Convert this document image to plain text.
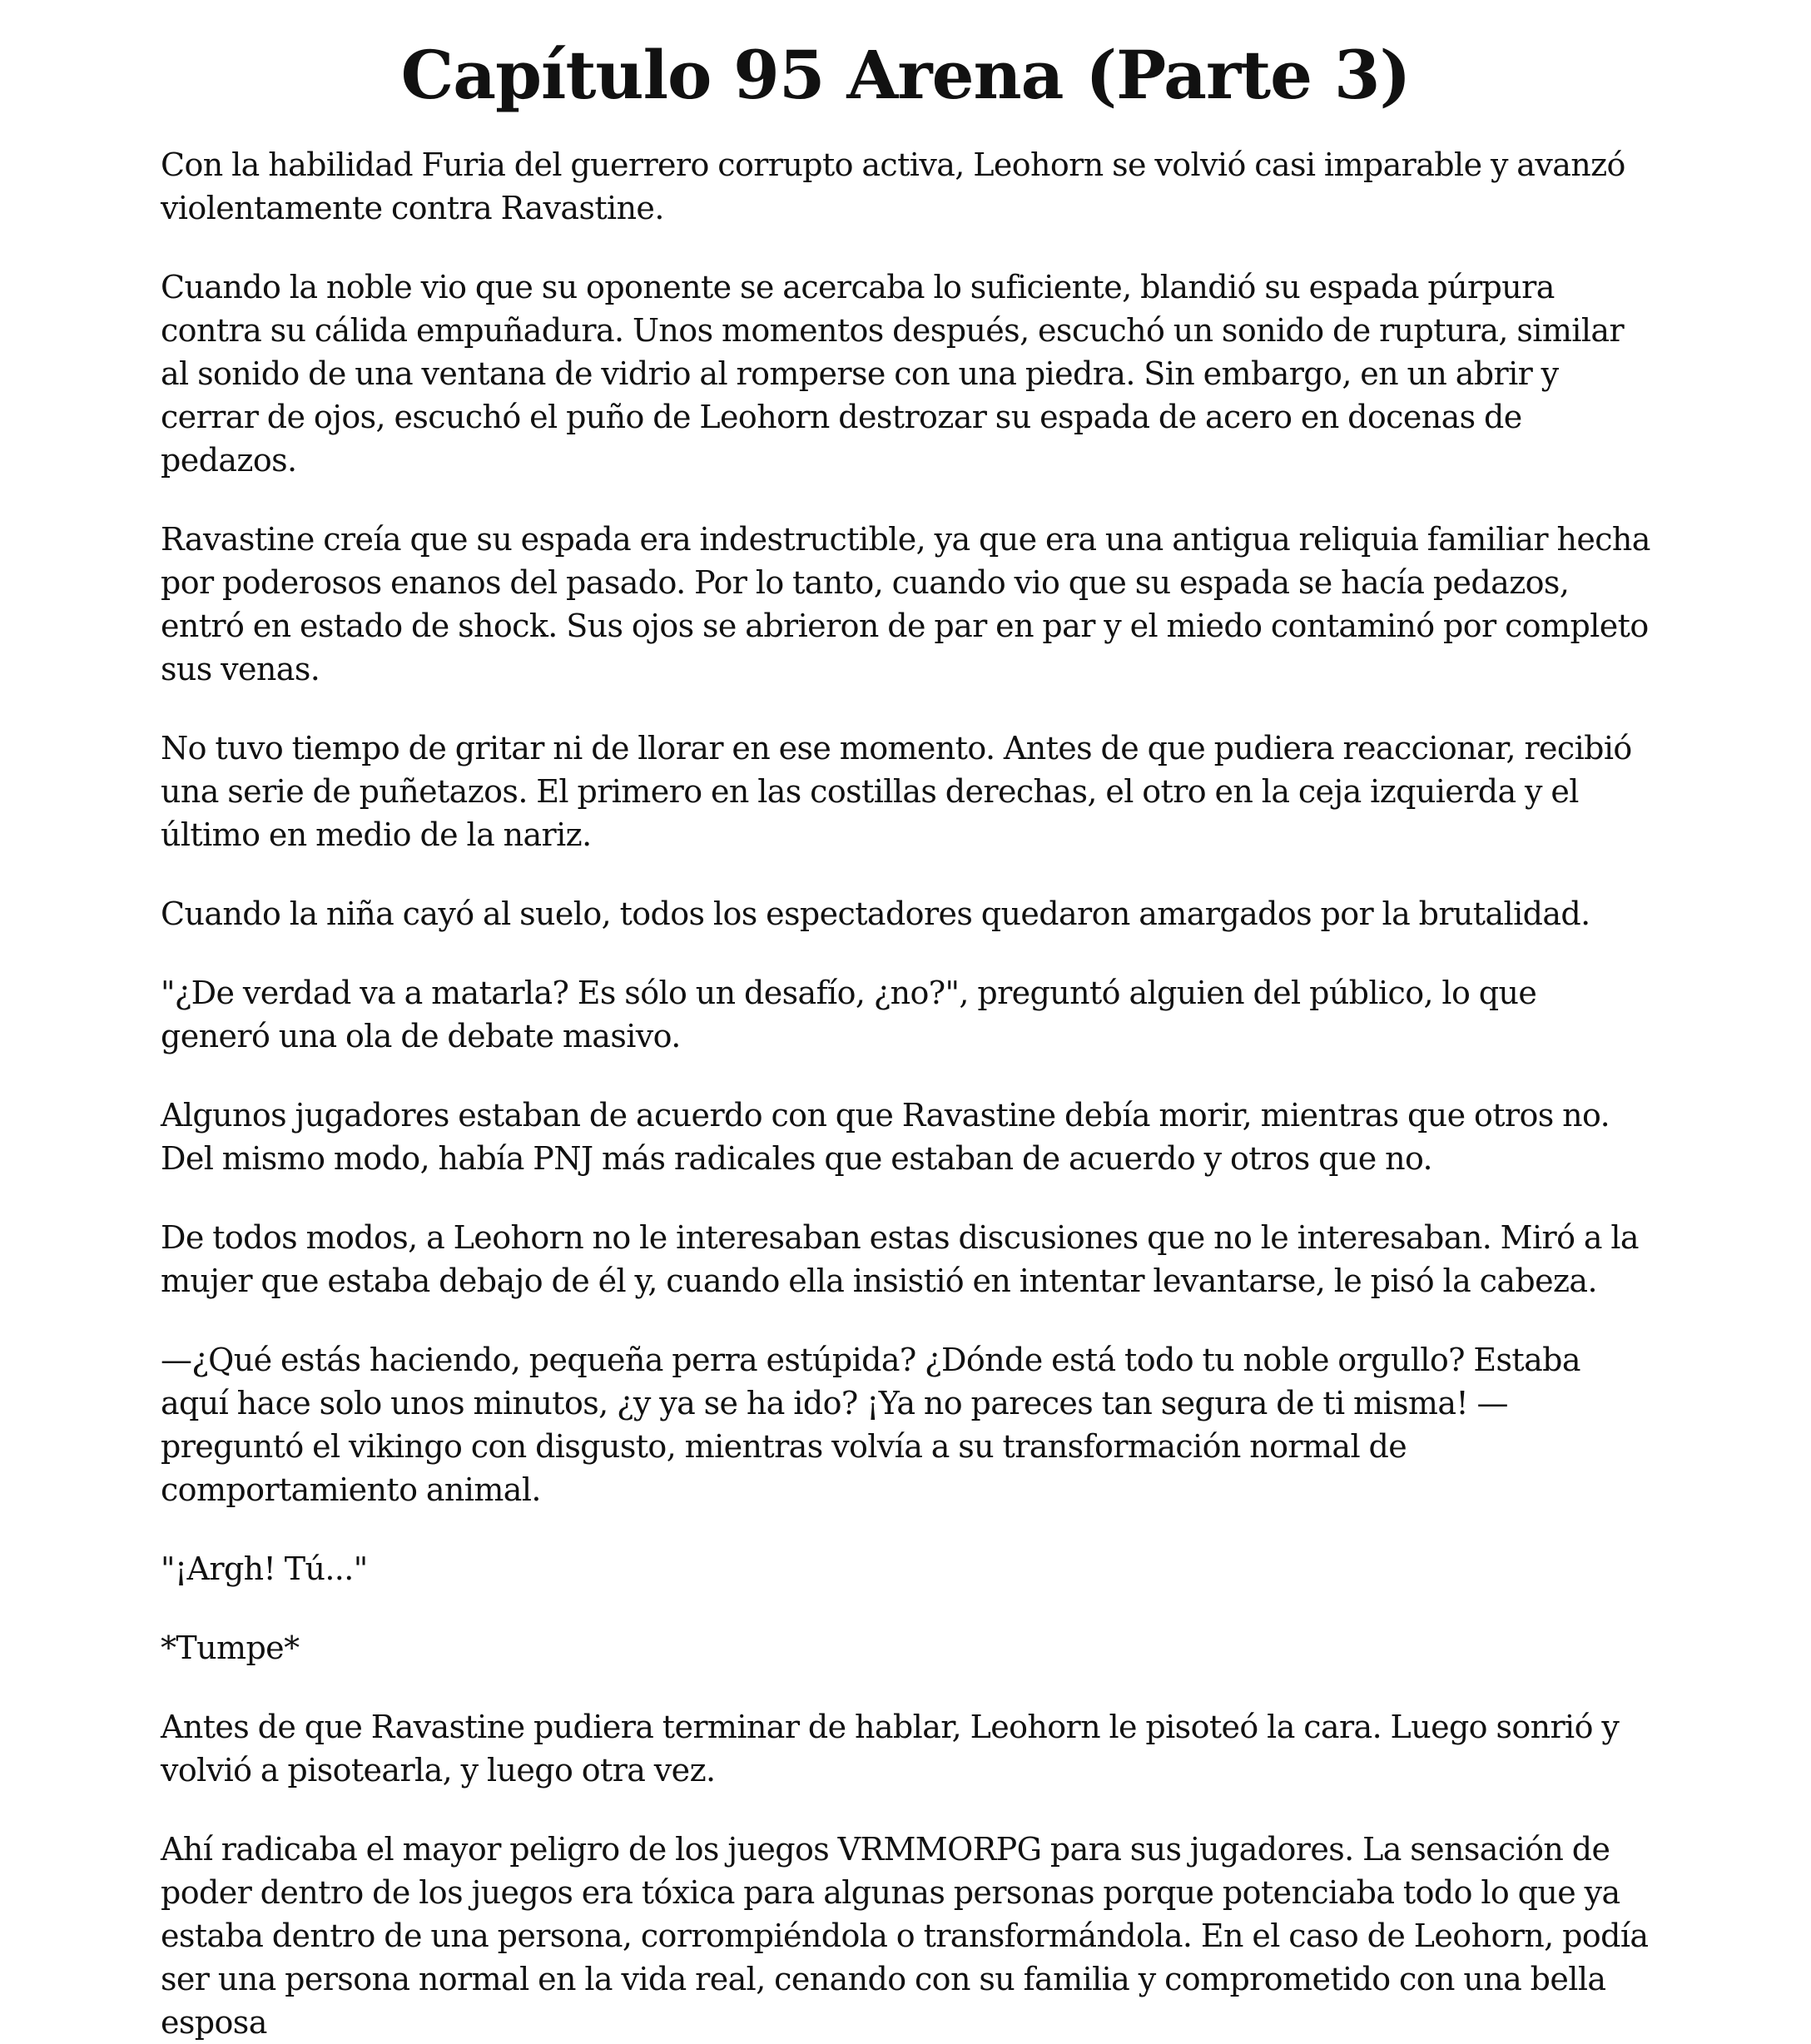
Capítulo 95 Arena (Parte 3)

Con la habilidad Furia del guerrero corrupto activa, Leohorn se volvió casi imparable y avanzó violentamente contra Ravastine.

Cuando la noble vio que su oponente se acercaba lo suficiente, blandió su espada púrpura contra su cálida empuñadura. Unos momentos después, escuchó un sonido de ruptura, similar al sonido de una ventana de vidrio al romperse con una piedra. Sin embargo, en un abrir y cerrar de ojos, escuchó el puño de Leohorn destrozar su espada de acero en docenas de pedazos.

Ravastine creía que su espada era indestructible, ya que era una antigua reliquia familiar hecha por poderosos enanos del pasado. Por lo tanto, cuando vio que su espada se hacía pedazos, entró en estado de shock. Sus ojos se abrieron de par en par y el miedo contaminó por completo sus venas.

No tuvo tiempo de gritar ni de llorar en ese momento. Antes de que pudiera reaccionar, recibió una serie de puñetazos. El primero en las costillas derechas, el otro en la ceja izquierda y el último en medio de la nariz.

Cuando la niña cayó al suelo, todos los espectadores quedaron amargados por la brutalidad.

"¿De verdad va a matarla? Es sólo un desafío, ¿no?", preguntó alguien del público, lo que generó una ola de debate masivo.

Algunos jugadores estaban de acuerdo con que Ravastine debía morir, mientras que otros no. Del mismo modo, había PNJ más radicales que estaban de acuerdo y otros que no.

De todos modos, a Leohorn no le interesaban estas discusiones que no le interesaban. Miró a la mujer que estaba debajo de él y, cuando ella insistió en intentar levantarse, le pisó la cabeza.

—¿Qué estás haciendo, pequeña perra estúpida? ¿Dónde está todo tu noble orgullo? Estaba aquí hace solo unos minutos, ¿y ya se ha ido? ¡Ya no pareces tan segura de ti misma! —preguntó el vikingo con disgusto, mientras volvía a su transformación normal de comportamiento animal.

"¡Argh! Tú..."

*Tumpe*

Antes de que Ravastine pudiera terminar de hablar, Leohorn le pisoteó la cara. Luego sonrió y volvió a pisotearla, y luego otra vez.

Ahí radicaba el mayor peligro de los juegos VRMMORPG para sus jugadores. La sensación de poder dentro de los juegos era tóxica para algunas personas porque potenciaba todo lo que ya estaba dentro de una persona, corrompiéndola o transformándola. En el caso de Leohorn, podía ser una persona normal en la vida real, cenando con su familia y comprometido con una bella esposa
